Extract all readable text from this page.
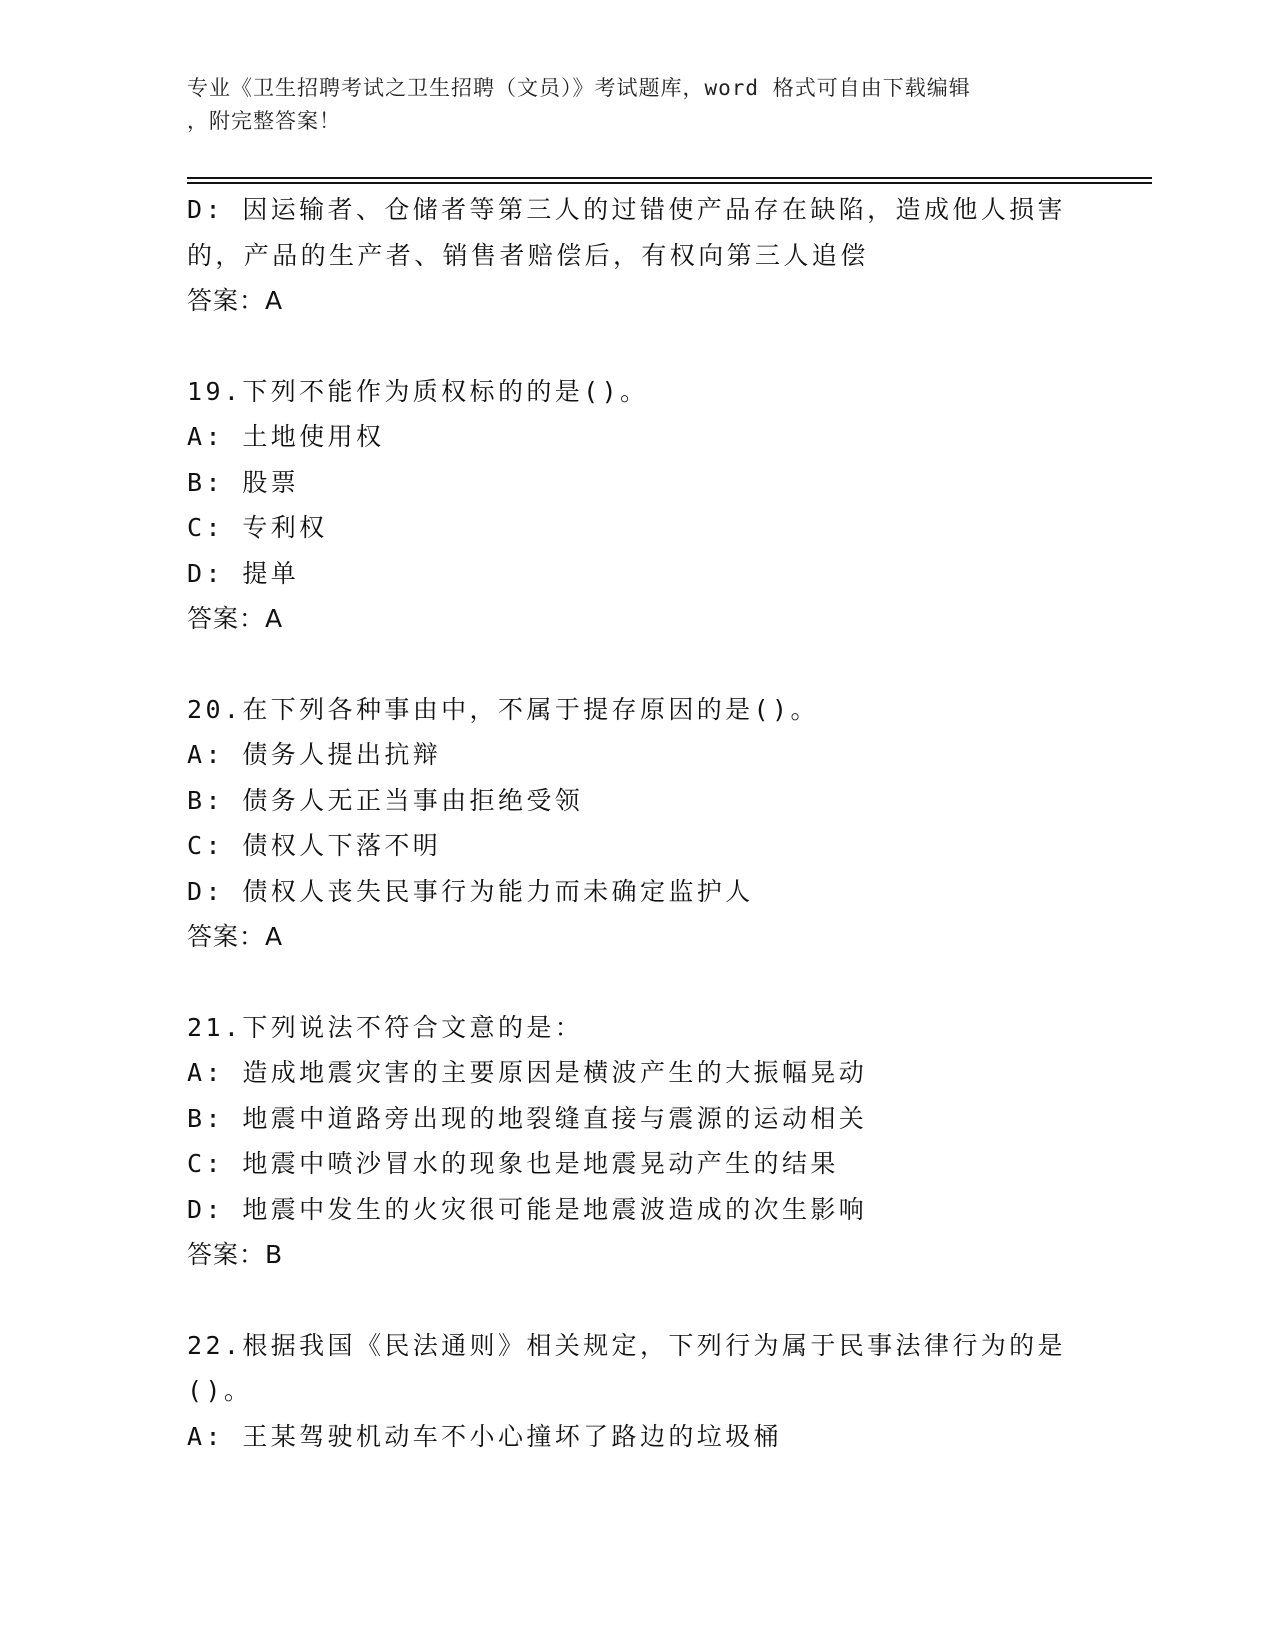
专业《卫生招聘考试之卫生招聘（文员）》考试题库，word 格式可自由下载编辑
，附完整答案！
D: 因运输者、仓储者等第三人的过错使产品存在缺陷，造成他人损害
的，产品的生产者、销售者赔偿后，有权向第三人追偿
答案：A
19.下列不能作为质权标的的是()。
A: 土地使用权
B: 股票
C: 专利权
D: 提单
答案：A
20.在下列各种事由中，不属于提存原因的是()。
A: 债务人提出抗辩
B: 债务人无正当事由拒绝受领
C: 债权人下落不明
D: 债权人丧失民事行为能力而未确定监护人
答案：A
21.下列说法不符合文意的是：
A: 造成地震灾害的主要原因是横波产生的大振幅晃动
B: 地震中道路旁出现的地裂缝直接与震源的运动相关
C: 地震中喷沙冒水的现象也是地震晃动产生的结果
D: 地震中发生的火灾很可能是地震波造成的次生影响
答案：B
22.根据我国《民法通则》相关规定，下列行为属于民事法律行为的是
()。
A: 王某驾驶机动车不小心撞坏了路边的垃圾桶
